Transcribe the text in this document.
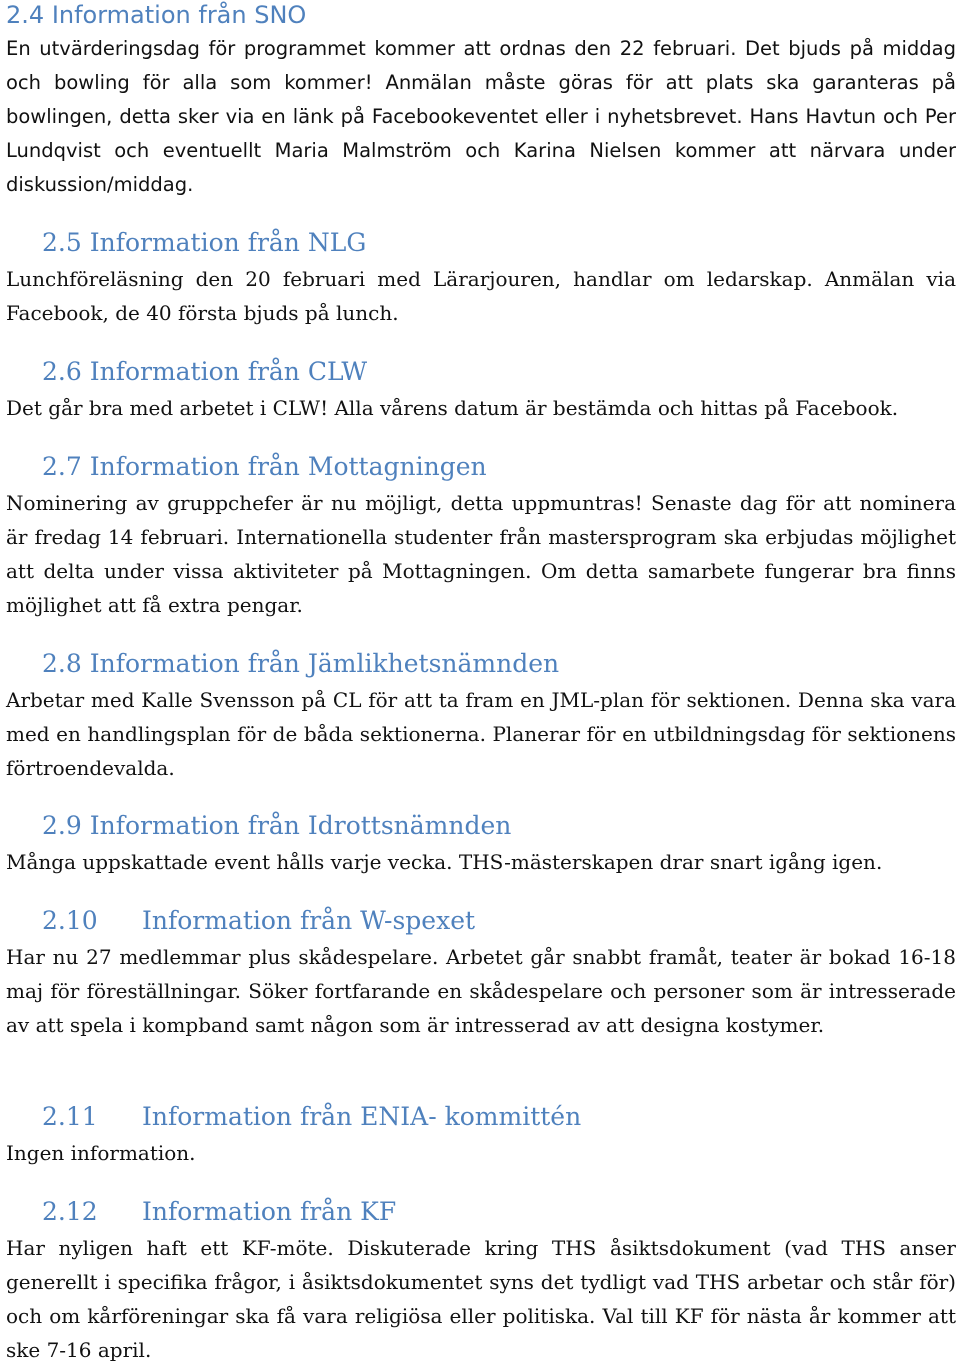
2.4 Information från SNO

En utvärderingsdag för programmet kommer att ordnas den 22 februari. Det bjuds på middag och bowling för alla som kommer! Anmälan måste göras för att plats ska garanteras på bowlingen, detta sker via en länk på Facebookeventet eller i nyhetsbrevet. Hans Havtun och Per Lundqvist och eventuellt Maria Malmström och Karina Nielsen kommer att närvara under diskussion/middag.

2.5 Information från NLG

Lunchföreläsning den 20 februari med Lärarjouren, handlar om ledarskap. Anmälan via Facebook, de 40 första bjuds på lunch.

2.6 Information från CLW

Det går bra med arbetet i CLW! Alla vårens datum är bestämda och hittas på Facebook.

2.7 Information från Mottagningen

Nominering av gruppchefer är nu möjligt, detta uppmuntras! Senaste dag för att nominera är fredag 14 februari. Internationella studenter från mastersprogram ska erbjudas möjlighet att delta under vissa aktiviteter på Mottagningen. Om detta samarbete fungerar bra finns möjlighet att få extra pengar.

2.8 Information från Jämlikhetsnämnden

Arbetar med Kalle Svensson på CL för att ta fram en JML-plan för sektionen. Denna ska vara med en handlingsplan för de båda sektionerna. Planerar för en utbildningsdag för sektionens förtroendevalda.

2.9 Information från Idrottsnämnden

Många uppskattade event hålls varje vecka. THS-mästerskapen drar snart igång igen.

2.10 Information från W-spexet

Har nu 27 medlemmar plus skådespelare. Arbetet går snabbt framåt, teater är bokad 16-18 maj för föreställningar. Söker fortfarande en skådespelare och personer som är intresserade av att spela i kompband samt någon som är intresserad av att designa kostymer.

2.11 Information från ENIA- kommittén

Ingen information.

2.12 Information från KF

Har nyligen haft ett KF-möte. Diskuterade kring THS åsiktsdokument (vad THS anser generellt i specifika frågor, i åsiktsdokumentet syns det tydligt vad THS arbetar och står för) och om kårföreningar ska få vara religiösa eller politiska. Val till KF för nästa år kommer att ske 7-16 april.
